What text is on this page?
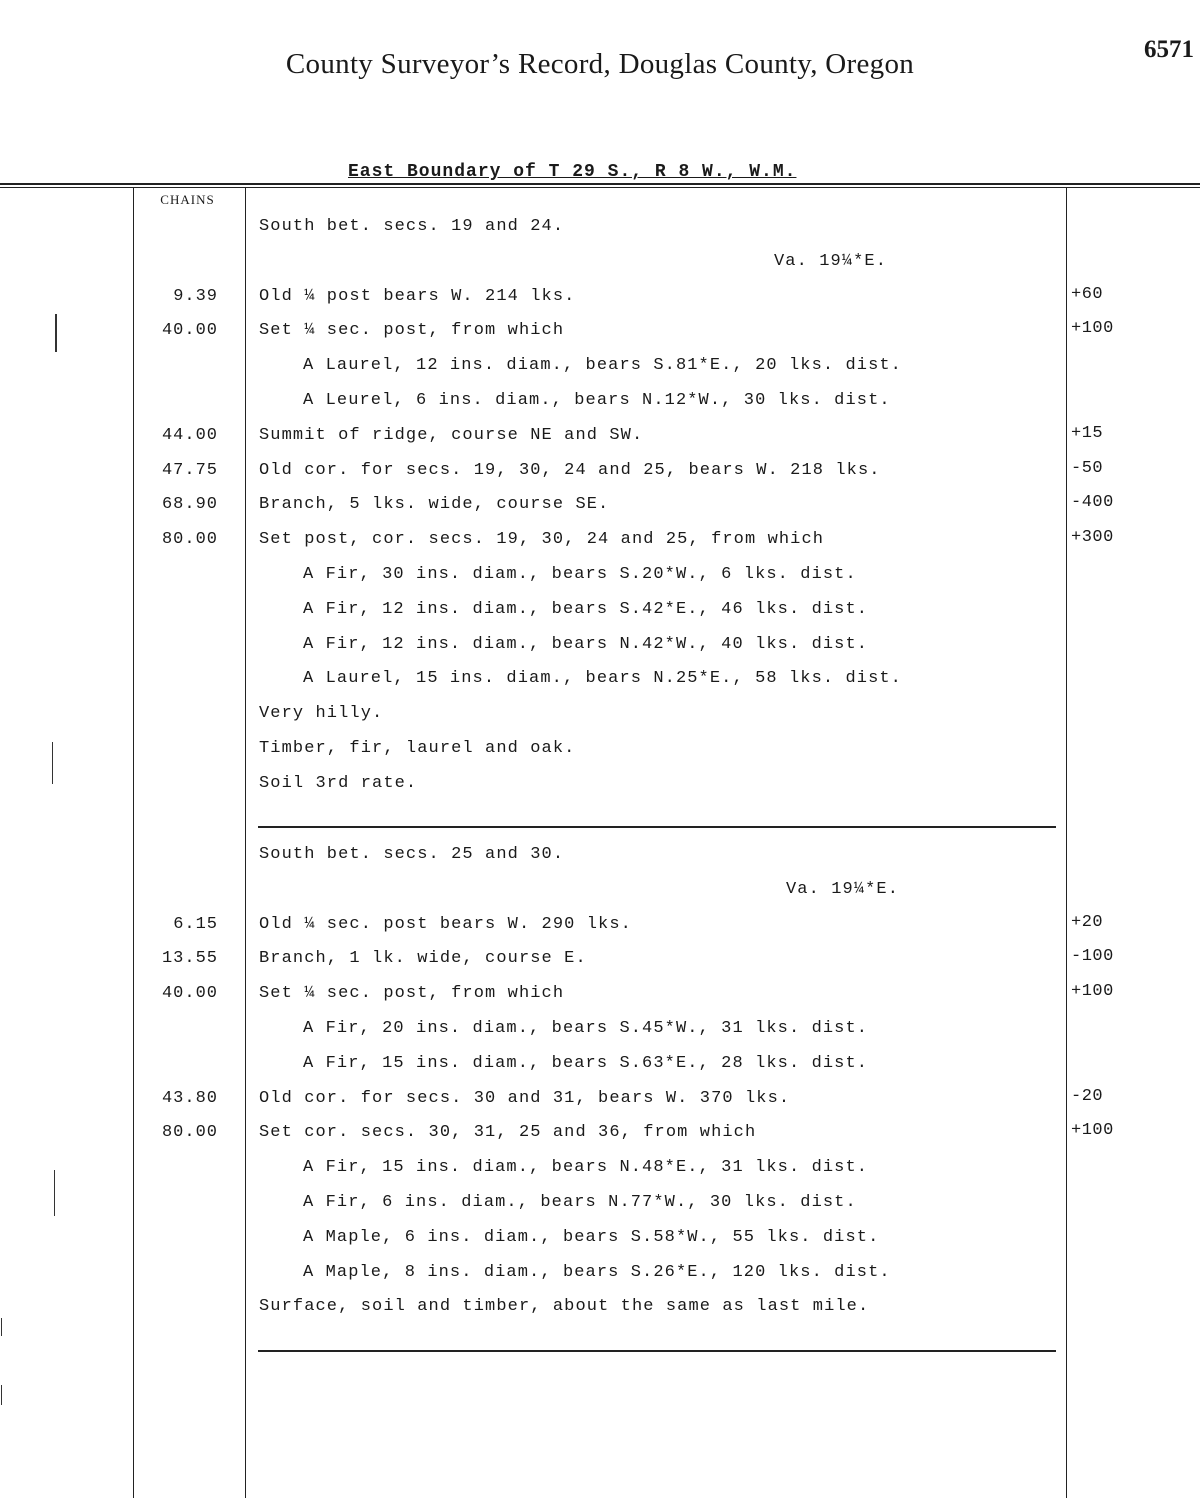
County Surveyor’s Record, Douglas County, Oregon	6571
East Boundary of T 29 S., R 8 W., W.M.
CHAINS
South bet. secs. 19 and 24.
Va. 19¼*E.
9.39 Old ¼ post bears W. 214 lks.	+60
40.00 Set ¼ sec. post, from which	+100
A Laurel, 12 ins. diam., bears S.81*E., 20 lks. dist.
A Leurel, 6 ins. diam., bears N.12*W., 30 lks. dist.
44.00 Summit of ridge, course NE and SW.	+15
47.75 Old cor. for secs. 19, 30, 24 and 25, bears W. 218 lks.	-50
68.90 Branch, 5 lks. wide, course SE.	-400
80.00 Set post, cor. secs. 19, 30, 24 and 25, from which	+300
A Fir, 30 ins. diam., bears S.20*W., 6 lks. dist.
A Fir, 12 ins. diam., bears S.42*E., 46 lks. dist.
A Fir, 12 ins. diam., bears N.42*W., 40 lks. dist.
A Laurel, 15 ins. diam., bears N.25*E., 58 lks. dist.
Very hilly.
Timber, fir, laurel and oak.
Soil 3rd rate.
South bet. secs. 25 and 30.
Va. 19¼*E.
6.15 Old ¼ sec. post bears W. 290 lks.	+20
13.55 Branch, 1 lk. wide, course E.	-100
40.00 Set ¼ sec. post, from which	+100
A Fir, 20 ins. diam., bears S.45*W., 31 lks. dist.
A Fir, 15 ins. diam., bears S.63*E., 28 lks. dist.
43.80 Old cor. for secs. 30 and 31, bears W. 370 lks.	-20
80.00 Set cor. secs. 30, 31, 25 and 36, from which	+100
A Fir, 15 ins. diam., bears N.48*E., 31 lks. dist.
A Fir, 6 ins. diam., bears N.77*W., 30 lks. dist.
A Maple, 6 ins. diam., bears S.58*W., 55 lks. dist.
A Maple, 8 ins. diam., bears S.26*E., 120 lks. dist.
Surface, soil and timber, about the same as last mile.
